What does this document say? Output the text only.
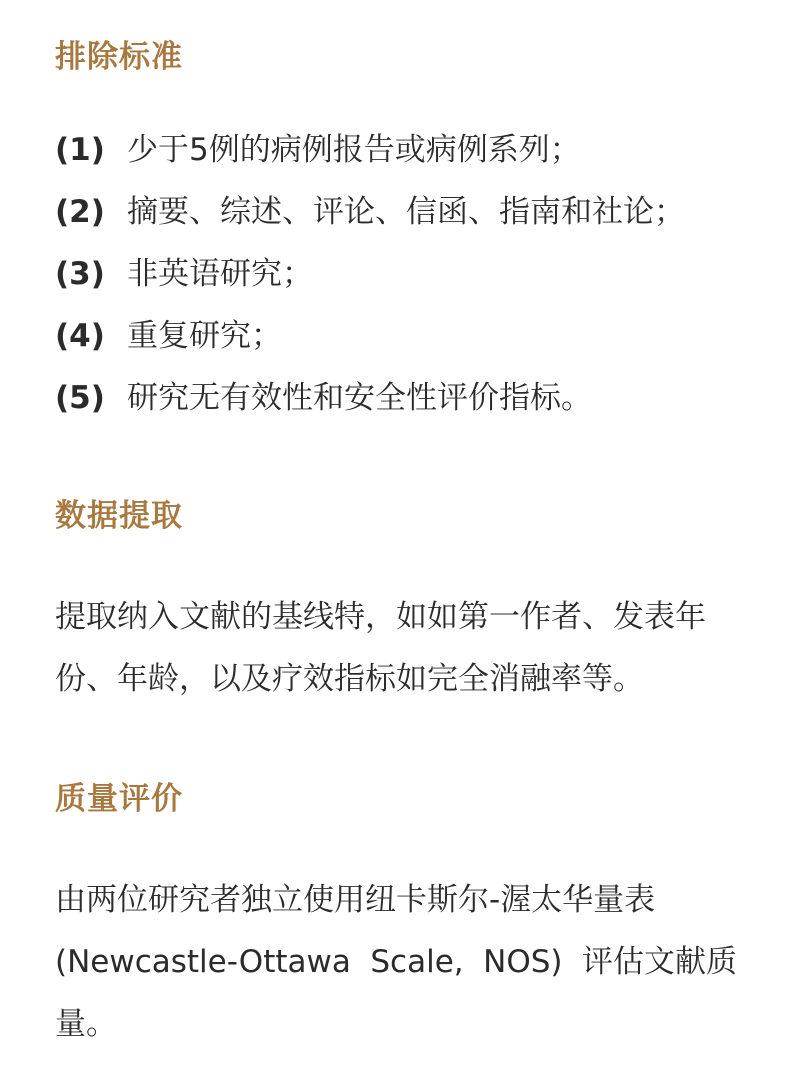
排除标准
(1) 少于5例的病例报告或病例系列；
(2) 摘要、综述、评论、信函、指南和社论；
(3) 非英语研究；
(4) 重复研究；
(5) 研究无有效性和安全性评价指标。
数据提取

提取纳入文献的基线特，如如第一作者、发表年
份、年龄，以及疗效指标如完全消融率等。

质量评价

由两位研究者独立使用纽卡斯尔-渥太华量表
(Newcastle-Ottawa Scale, NOS) 评估文献质
量。
